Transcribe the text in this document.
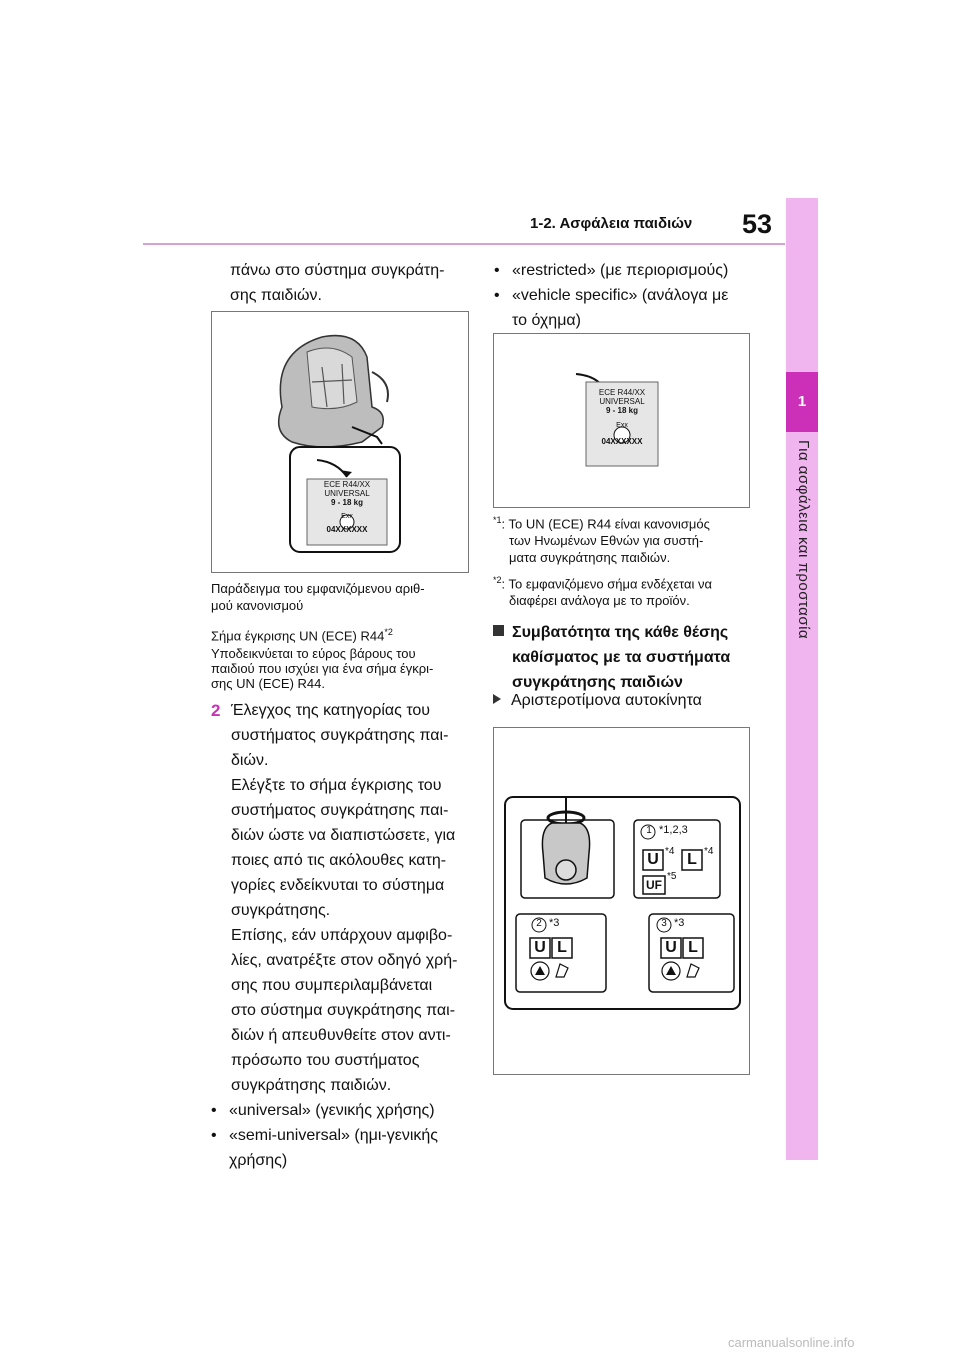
1-2. Ασφάλεια παιδιών 53
1
Για ασφάλεια και προστασία
πάνω στο σύστημα συγκράτη-
σης παιδιών.
ECE R44/XX
UNIVERSAL
9 - 18 kg
Exx
04XXXXXX
Παράδειγμα του εμφανιζόμενου αριθ-
μού κανονισμού
Σήμα έγκρισης UN (ECE) R44$^{*2}$
Υποδεικνύεται το εύρος βάρους του
παιδιού που ισχύει για ένα σήμα έγκρι-
σης UN (ECE) R44.
2 Έλεγχος της κατηγορίας του
συστήματος συγκράτησης παι-
διών.
Ελέγξτε το σήμα έγκρισης του
συστήματος συγκράτησης παι-
διών ώστε να διαπιστώσετε, για
ποιες από τις ακόλουθες κατη-
γορίες ενδείκνυται το σύστημα
συγκράτησης.
Επίσης, εάν υπάρχουν αμφιβο-
λίες, ανατρέξτε στον οδηγό χρή-
σης που συμπεριλαμβάνεται
στο σύστημα συγκράτησης παι-
διών ή απευθυνθείτε στον αντι-
πρόσωπο του συστήματος
συγκράτησης παιδιών.
• «universal» (γενικής χρήσης)
• «semi-universal» (ημι-γενικής
χρήσης)
• «restricted» (με περιορισμούς)
• «vehicle specific» (ανάλογα με
το όχημα)
ECE R44/XX
UNIVERSAL
9 - 18 kg
Exx
04XXXXXX
$^{*1}$: Το UN (ECE) R44 είναι κανονισμός
των Ηνωμένων Εθνών για συστή-
ματα συγκράτησης παιδιών.
$^{*2}$: Το εμφανιζόμενο σήμα ενδέχεται να
διαφέρει ανάλογα με το προϊόν.
Συμβατότητα της κάθε θέσης
καθίσματος με τα συστήματα
συγκράτησης παιδιών
Αριστεροτίμονα αυτοκίνητα
1 *1,2,3
U *4 L *4
UF
*5
2 *3
U L
3 *3
U L
carmanualsonline.info
